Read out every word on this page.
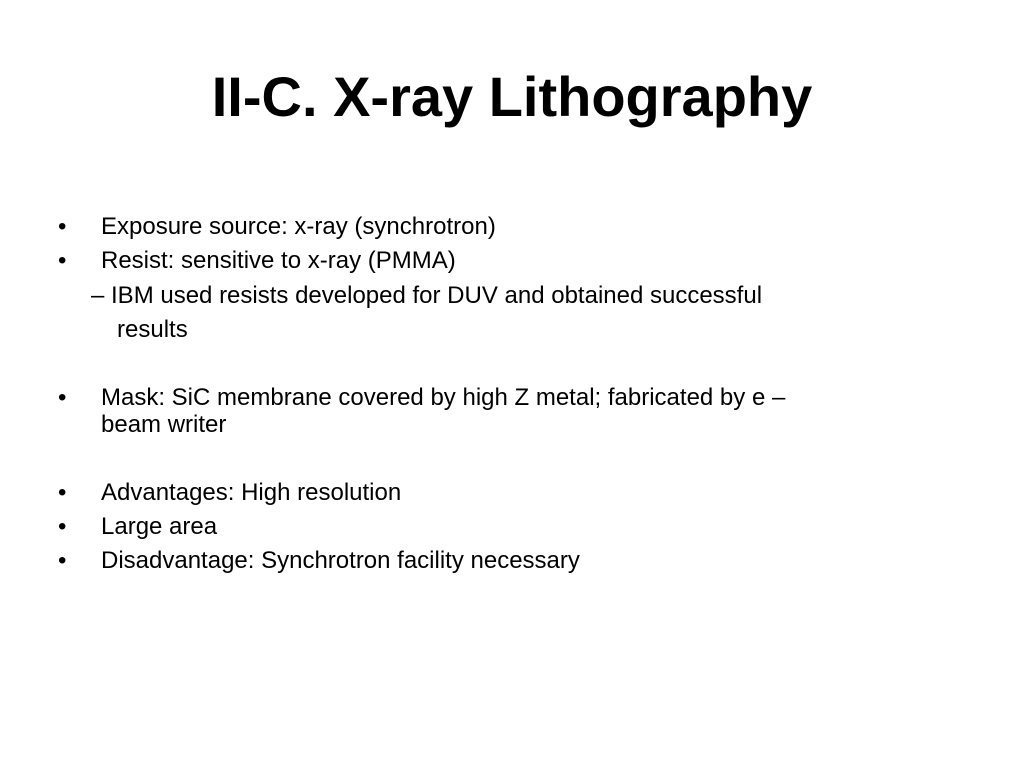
II-C. X-ray Lithography
•	Exposure source: x-ray (synchrotron)
•	Resist: sensitive to x-ray (PMMA)
– IBM used resists developed for DUV and obtained successful
results
•	Mask: SiC membrane covered by high Z metal; fabricated by e –
beam writer
•	Advantages: High resolution
•	Large area
•	Disadvantage: Synchrotron facility necessary
